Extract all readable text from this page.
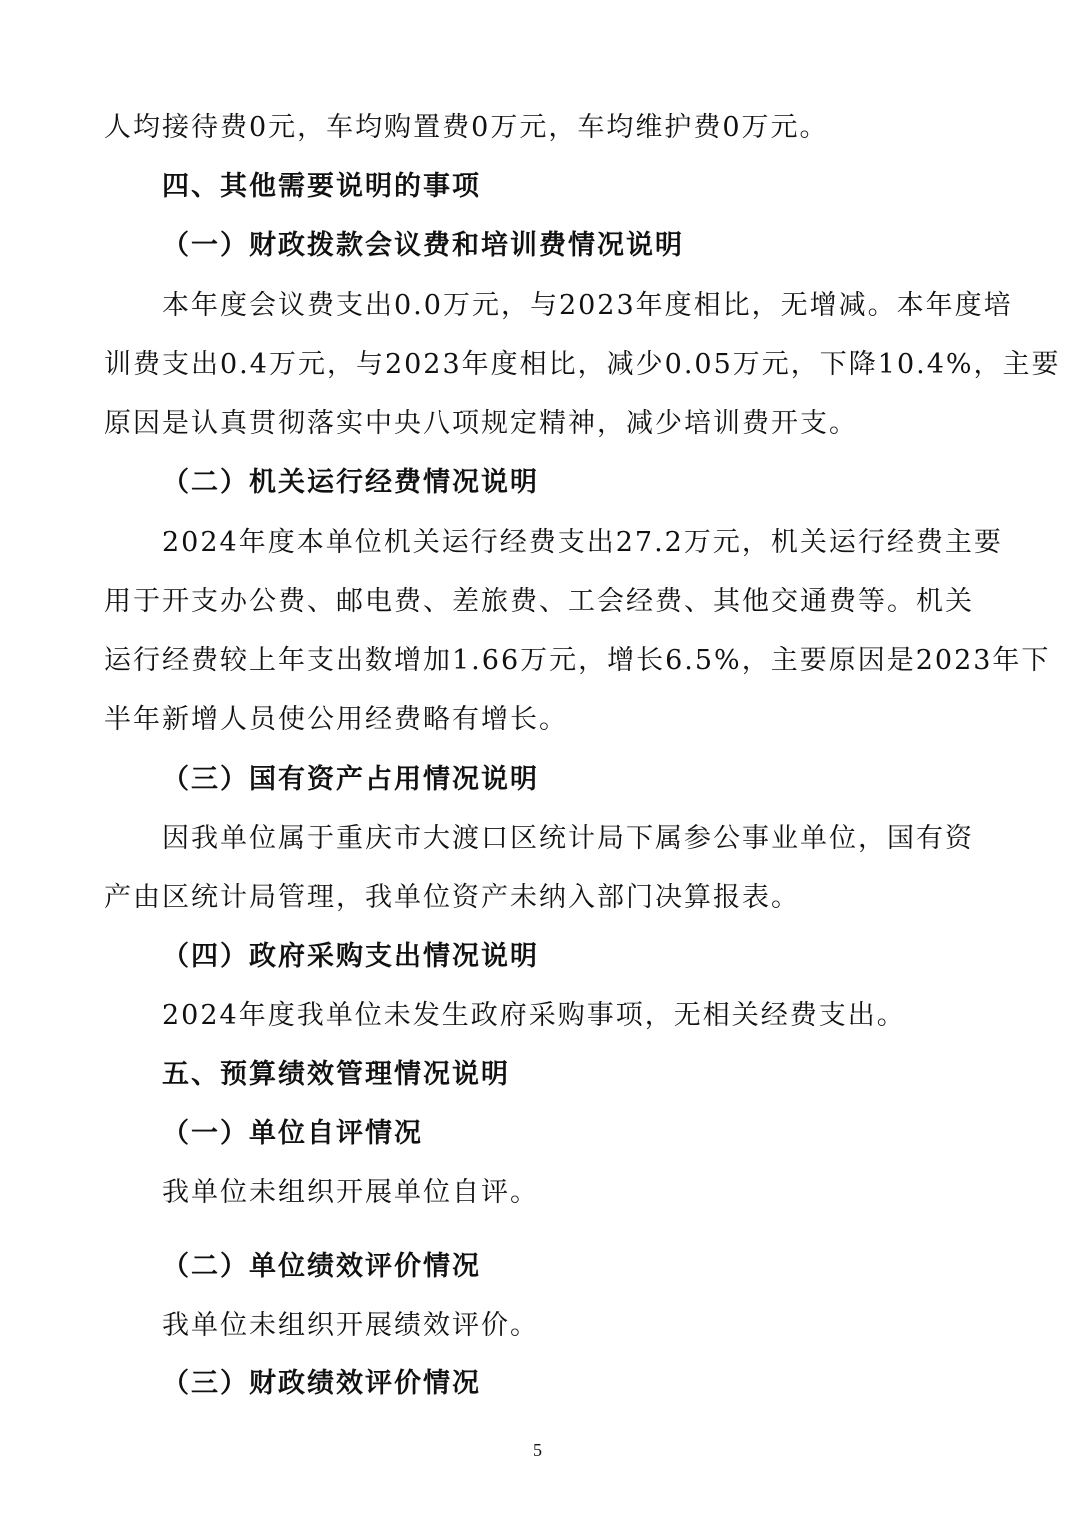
人均接待费0元，车均购置费0万元，车均维护费0万元。
四、其他需要说明的事项
（一）财政拨款会议费和培训费情况说明
本年度会议费支出0.0万元，与2023年度相比，无增减。本年度培
训费支出0.4万元，与2023年度相比，减少0.05万元，下降10.4%，主要
原因是认真贯彻落实中央八项规定精神，减少培训费开支。
（二）机关运行经费情况说明
2024年度本单位机关运行经费支出27.2万元，机关运行经费主要
用于开支办公费、邮电费、差旅费、工会经费、其他交通费等。机关
运行经费较上年支出数增加1.66万元，增长6.5%，主要原因是2023年下
半年新增人员使公用经费略有增长。
（三）国有资产占用情况说明
因我单位属于重庆市大渡口区统计局下属参公事业单位，国有资
产由区统计局管理，我单位资产未纳入部门决算报表。
（四）政府采购支出情况说明
2024年度我单位未发生政府采购事项，无相关经费支出。
五、预算绩效管理情况说明
（一）单位自评情况
我单位未组织开展单位自评。
（二）单位绩效评价情况
我单位未组织开展绩效评价。
（三）财政绩效评价情况
5
